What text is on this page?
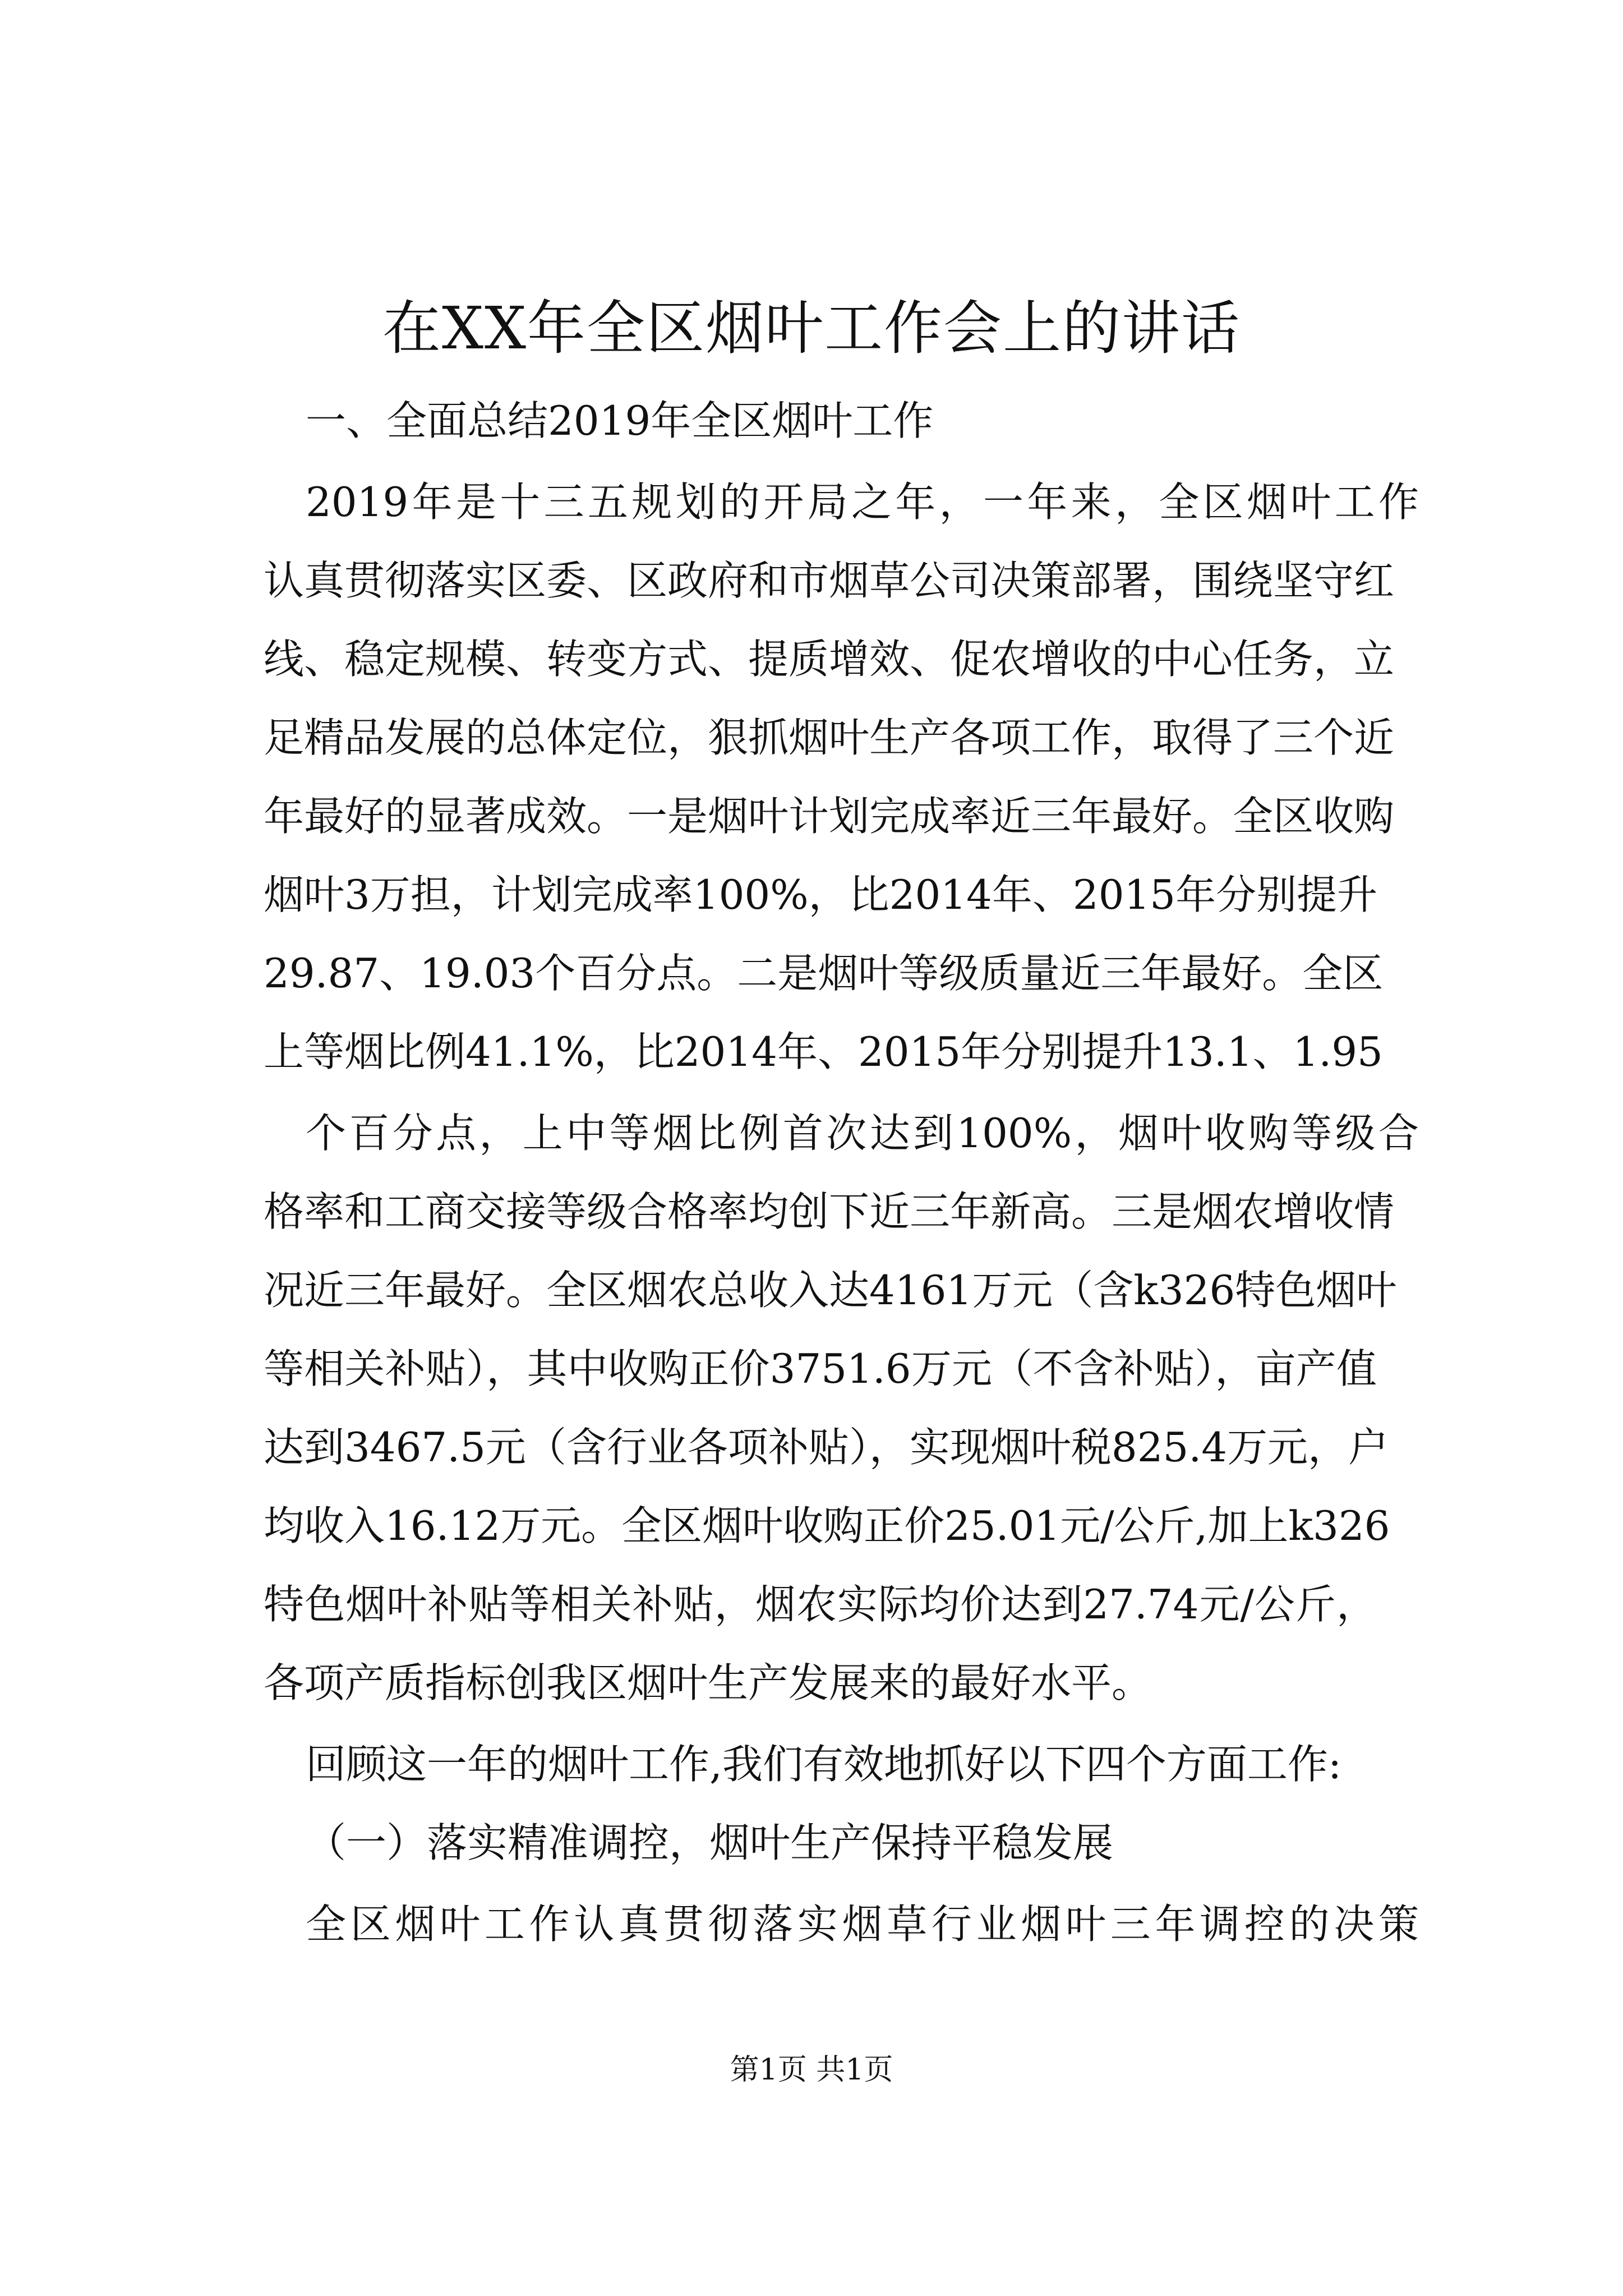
在XX年全区烟叶工作会上的讲话

一、全面总结2019年全区烟叶工作

2019年是十三五规划的开局之年，一年来，全区烟叶工作

认真贯彻落实区委、区政府和市烟草公司决策部署，围绕坚守红

线、稳定规模、转变方式、提质增效、促农增收的中心任务，立

足精品发展的总体定位，狠抓烟叶生产各项工作，取得了三个近

年最好的显著成效。一是烟叶计划完成率近三年最好。全区收购

烟叶3万担，计划完成率100%，比2014年、2015年分别提升

29.87、19.03个百分点。二是烟叶等级质量近三年最好。全区

上等烟比例41.1%，比2014年、2015年分别提升13.1、1.95

个百分点，上中等烟比例首次达到100%，烟叶收购等级合

格率和工商交接等级合格率均创下近三年新高。三是烟农增收情

况近三年最好。全区烟农总收入达4161万元（含k326特色烟叶

等相关补贴），其中收购正价3751.6万元（不含补贴），亩产值

达到3467.5元（含行业各项补贴），实现烟叶税825.4万元，户

均收入16.12万元。全区烟叶收购正价25.01元/公斤,加上k326

特色烟叶补贴等相关补贴，烟农实际均价达到27.74元/公斤，

各项产质指标创我区烟叶生产发展来的最好水平。

回顾这一年的烟叶工作,我们有效地抓好以下四个方面工作:

（一）落实精准调控，烟叶生产保持平稳发展

全区烟叶工作认真贯彻落实烟草行业烟叶三年调控的决策

第1页 共1页
